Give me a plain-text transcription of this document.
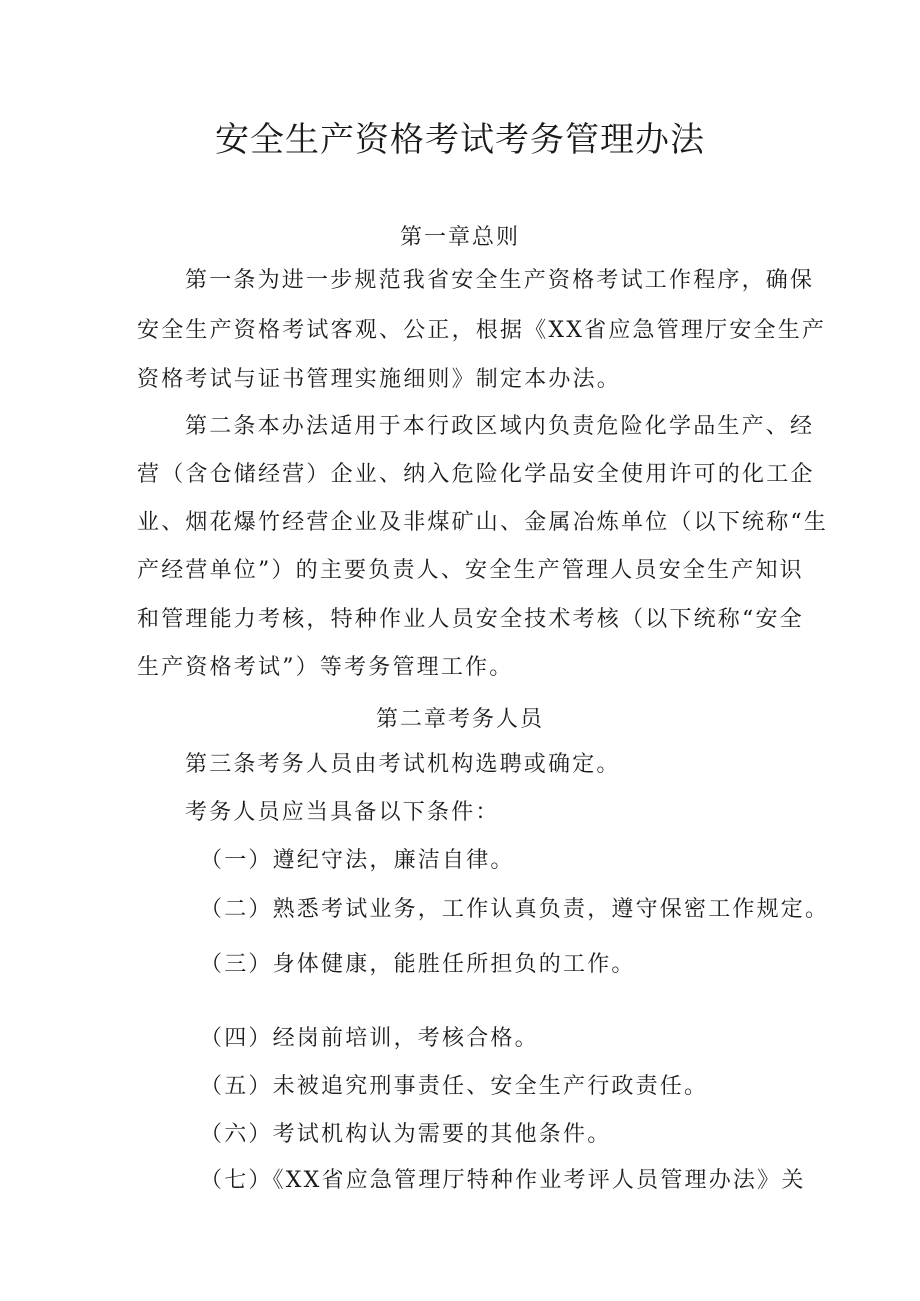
安全生产资格考试考务管理办法
第一章总则
第一条为进一步规范我省安全生产资格考试工作程序，确保
安全生产资格考试客观、公正，根据《XX省应急管理厅安全生产
资格考试与证书管理实施细则》制定本办法。
第二条本办法适用于本行政区域内负责危险化学品生产、经
营（含仓储经营）企业、纳入危险化学品安全使用许可的化工企
业、烟花爆竹经营企业及非煤矿山、金属冶炼单位（以下统称“生
产经营单位”）的主要负责人、安全生产管理人员安全生产知识
和管理能力考核，特种作业人员安全技术考核（以下统称“安全
生产资格考试”）等考务管理工作。
第二章考务人员
第三条考务人员由考试机构选聘或确定。
考务人员应当具备以下条件：
（一）遵纪守法，廉洁自律。
（二）熟悉考试业务，工作认真负责，遵守保密工作规定。
（三）身体健康，能胜任所担负的工作。
（四）经岗前培训，考核合格。
（五）未被追究刑事责任、安全生产行政责任。
（六）考试机构认为需要的其他条件。
（七）《XX省应急管理厅特种作业考评人员管理办法》关
